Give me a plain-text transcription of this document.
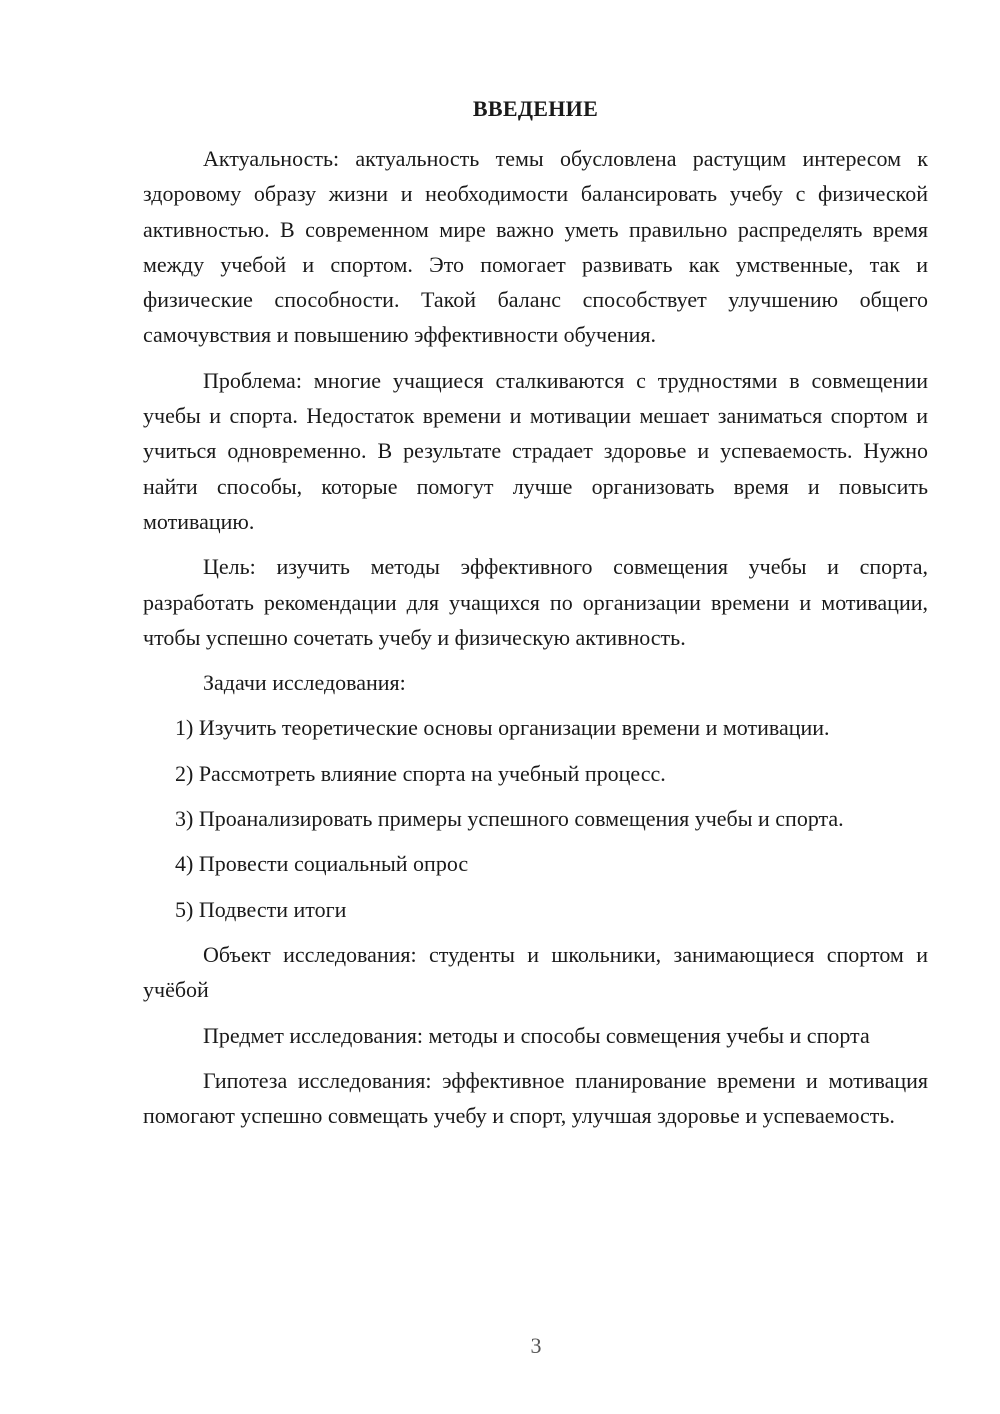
ВВЕДЕНИЕ

Актуальность: актуальность темы обусловлена растущим интересом к здоровому образу жизни и необходимости балансировать учебу с физической активностью. В современном мире важно уметь правильно распределять время между учебой и спортом. Это помогает развивать как умственные, так и физические способности. Такой баланс способствует улучшению общего самочувствия и повышению эффективности обучения.

Проблема: многие учащиеся сталкиваются с трудностями в совмещении учебы и спорта. Недостаток времени и мотивации мешает заниматься спортом и учиться одновременно. В результате страдает здоровье и успеваемость. Нужно найти способы, которые помогут лучше организовать время и повысить мотивацию.

Цель: изучить методы эффективного совмещения учебы и спорта, разработать рекомендации для учащихся по организации времени и мотивации, чтобы успешно сочетать учебу и физическую активность.

Задачи исследования:

1) Изучить теоретические основы организации времени и мотивации.

2) Рассмотреть влияние спорта на учебный процесс.

3) Проанализировать примеры успешного совмещения учебы и спорта.

4) Провести социальный опрос

5) Подвести итоги

Объект исследования: студенты и школьники, занимающиеся спортом и учёбой

Предмет исследования: методы и способы совмещения учебы и спорта

Гипотеза исследования: эффективное планирование времени и мотивация помогают успешно совмещать учебу и спорт, улучшая здоровье и успеваемость.

3
